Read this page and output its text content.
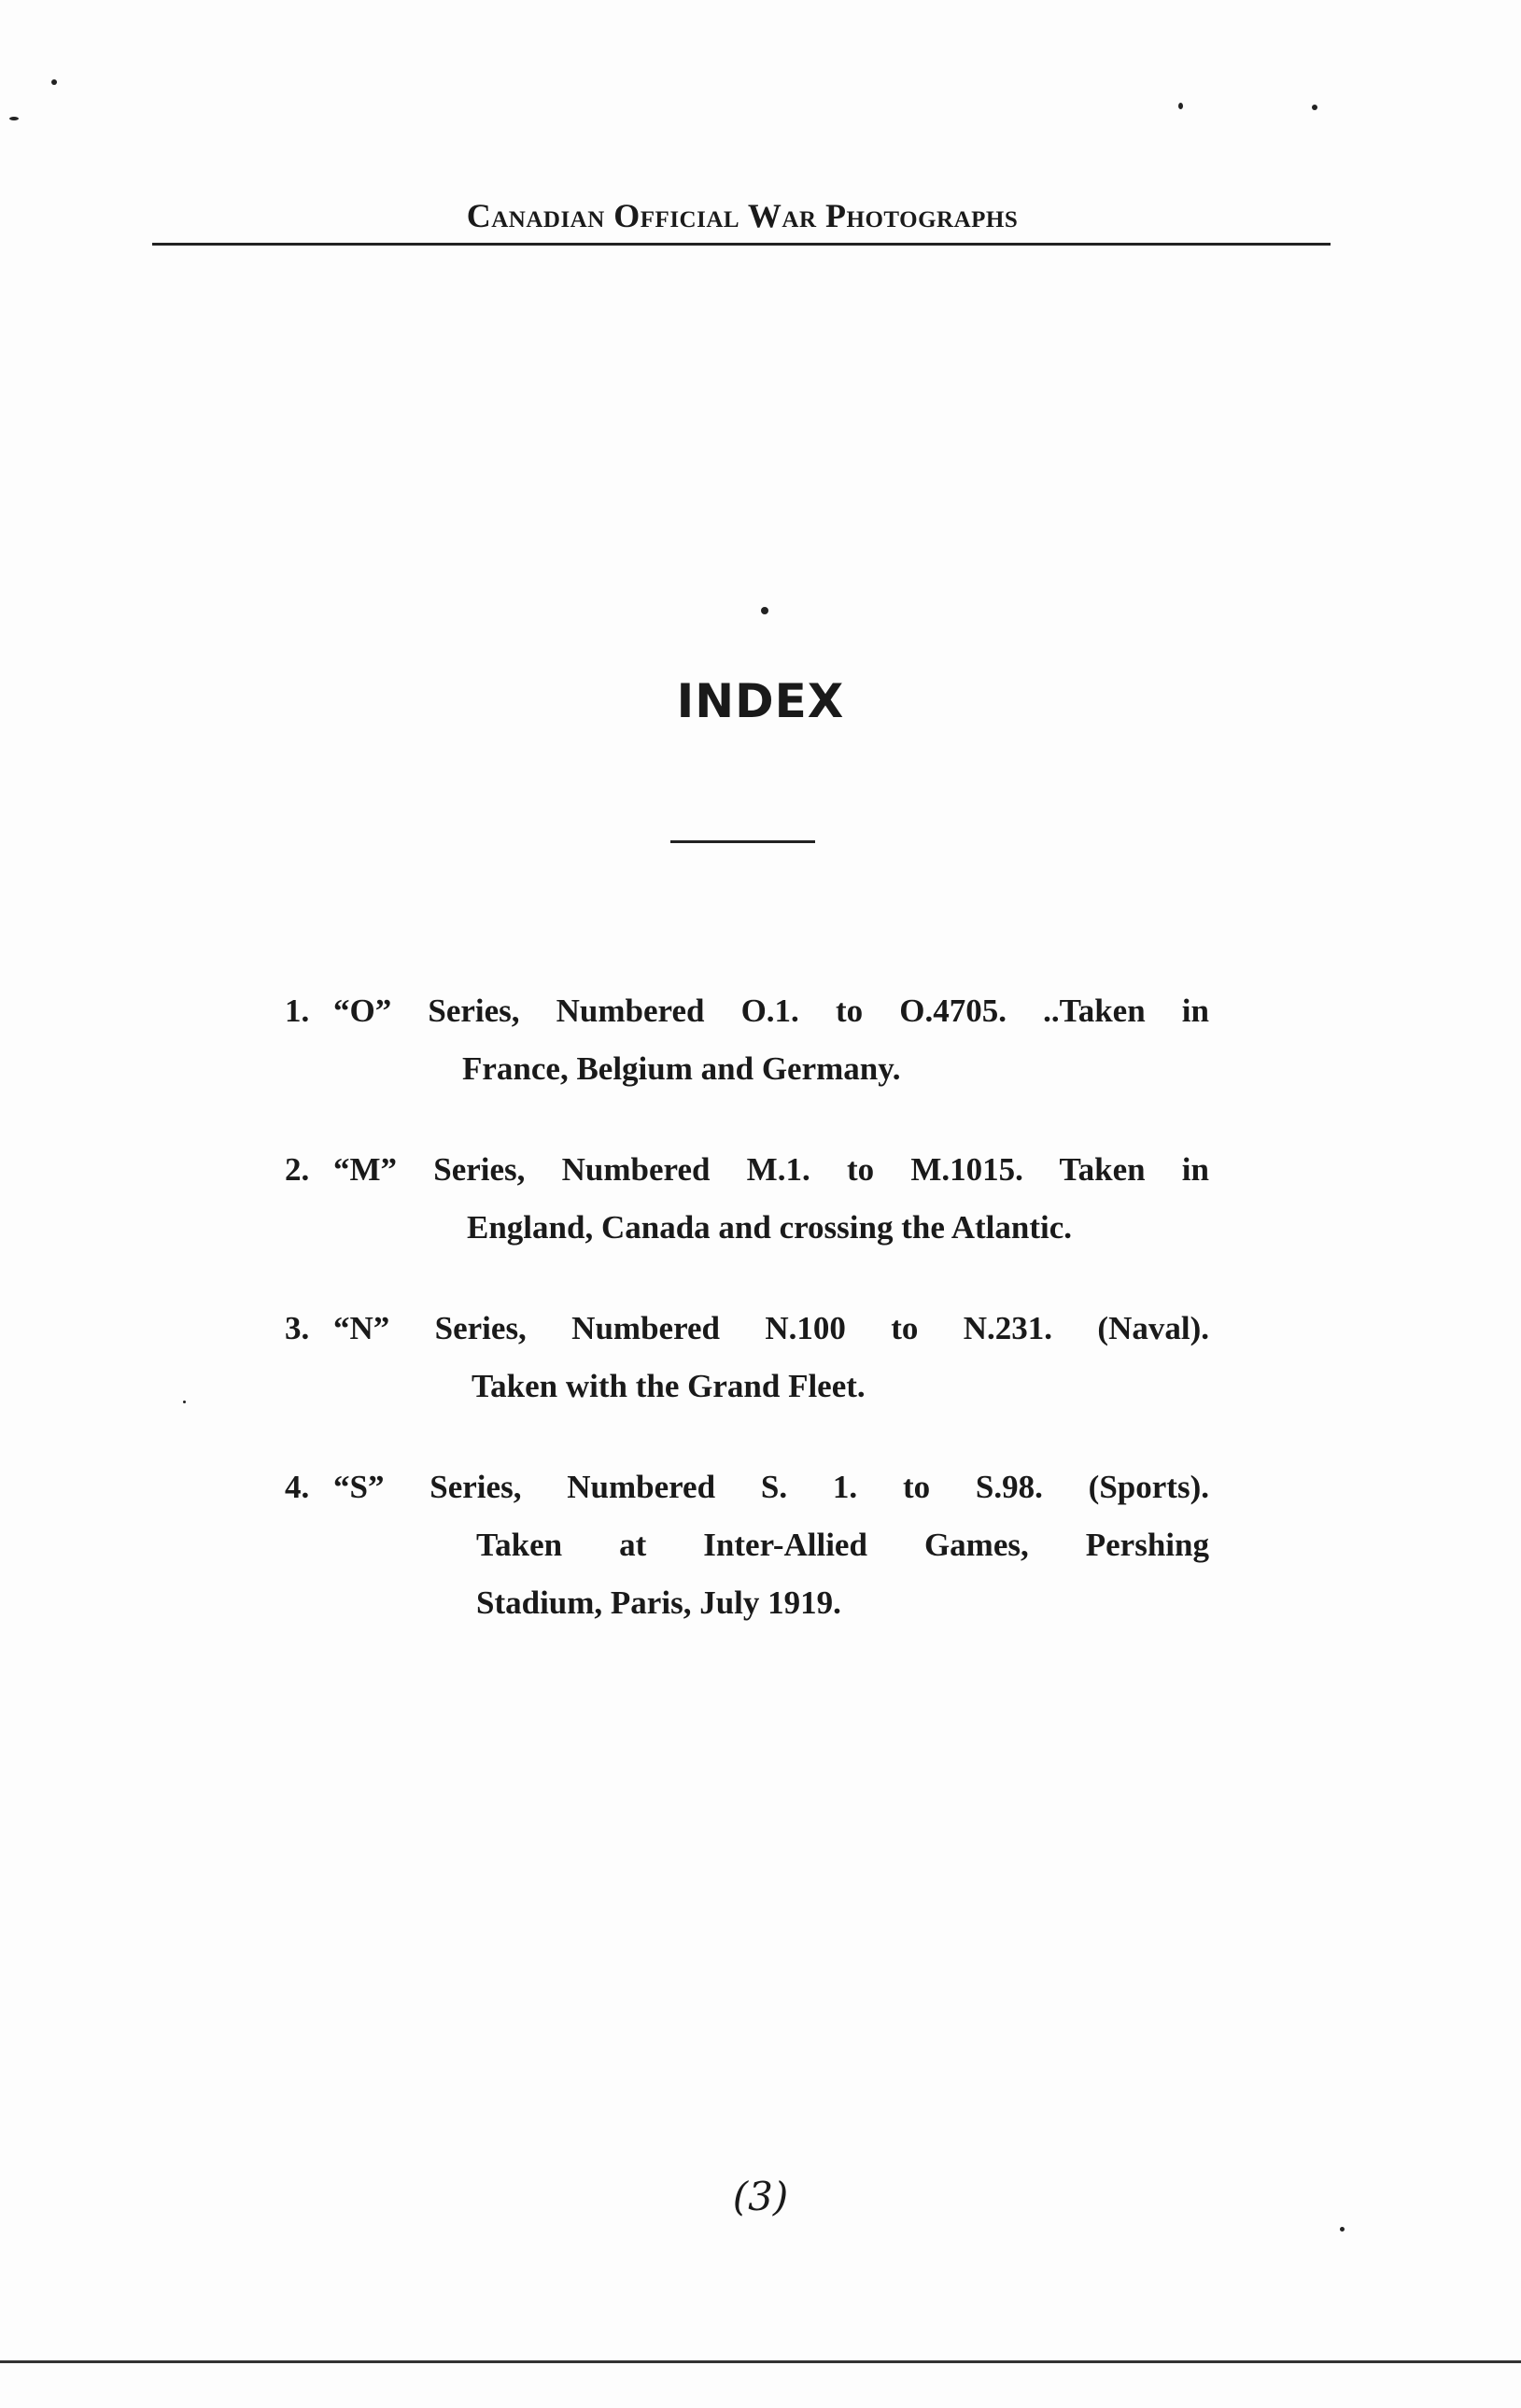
Canadian Official War Photographs
INDEX
1. “O” Series, Numbered O.1. to O.4705. ..Taken in
France, Belgium and Germany.
2. “M” Series, Numbered M.1. to M.1015. Taken in
England, Canada and crossing the Atlantic.
3. “N” Series, Numbered N.100 to N.231. (Naval).
Taken with the Grand Fleet.
4. “S” Series, Numbered S. 1. to S.98. (Sports).
Taken at Inter-Allied Games, Pershing
Stadium, Paris, July 1919.
(3)
